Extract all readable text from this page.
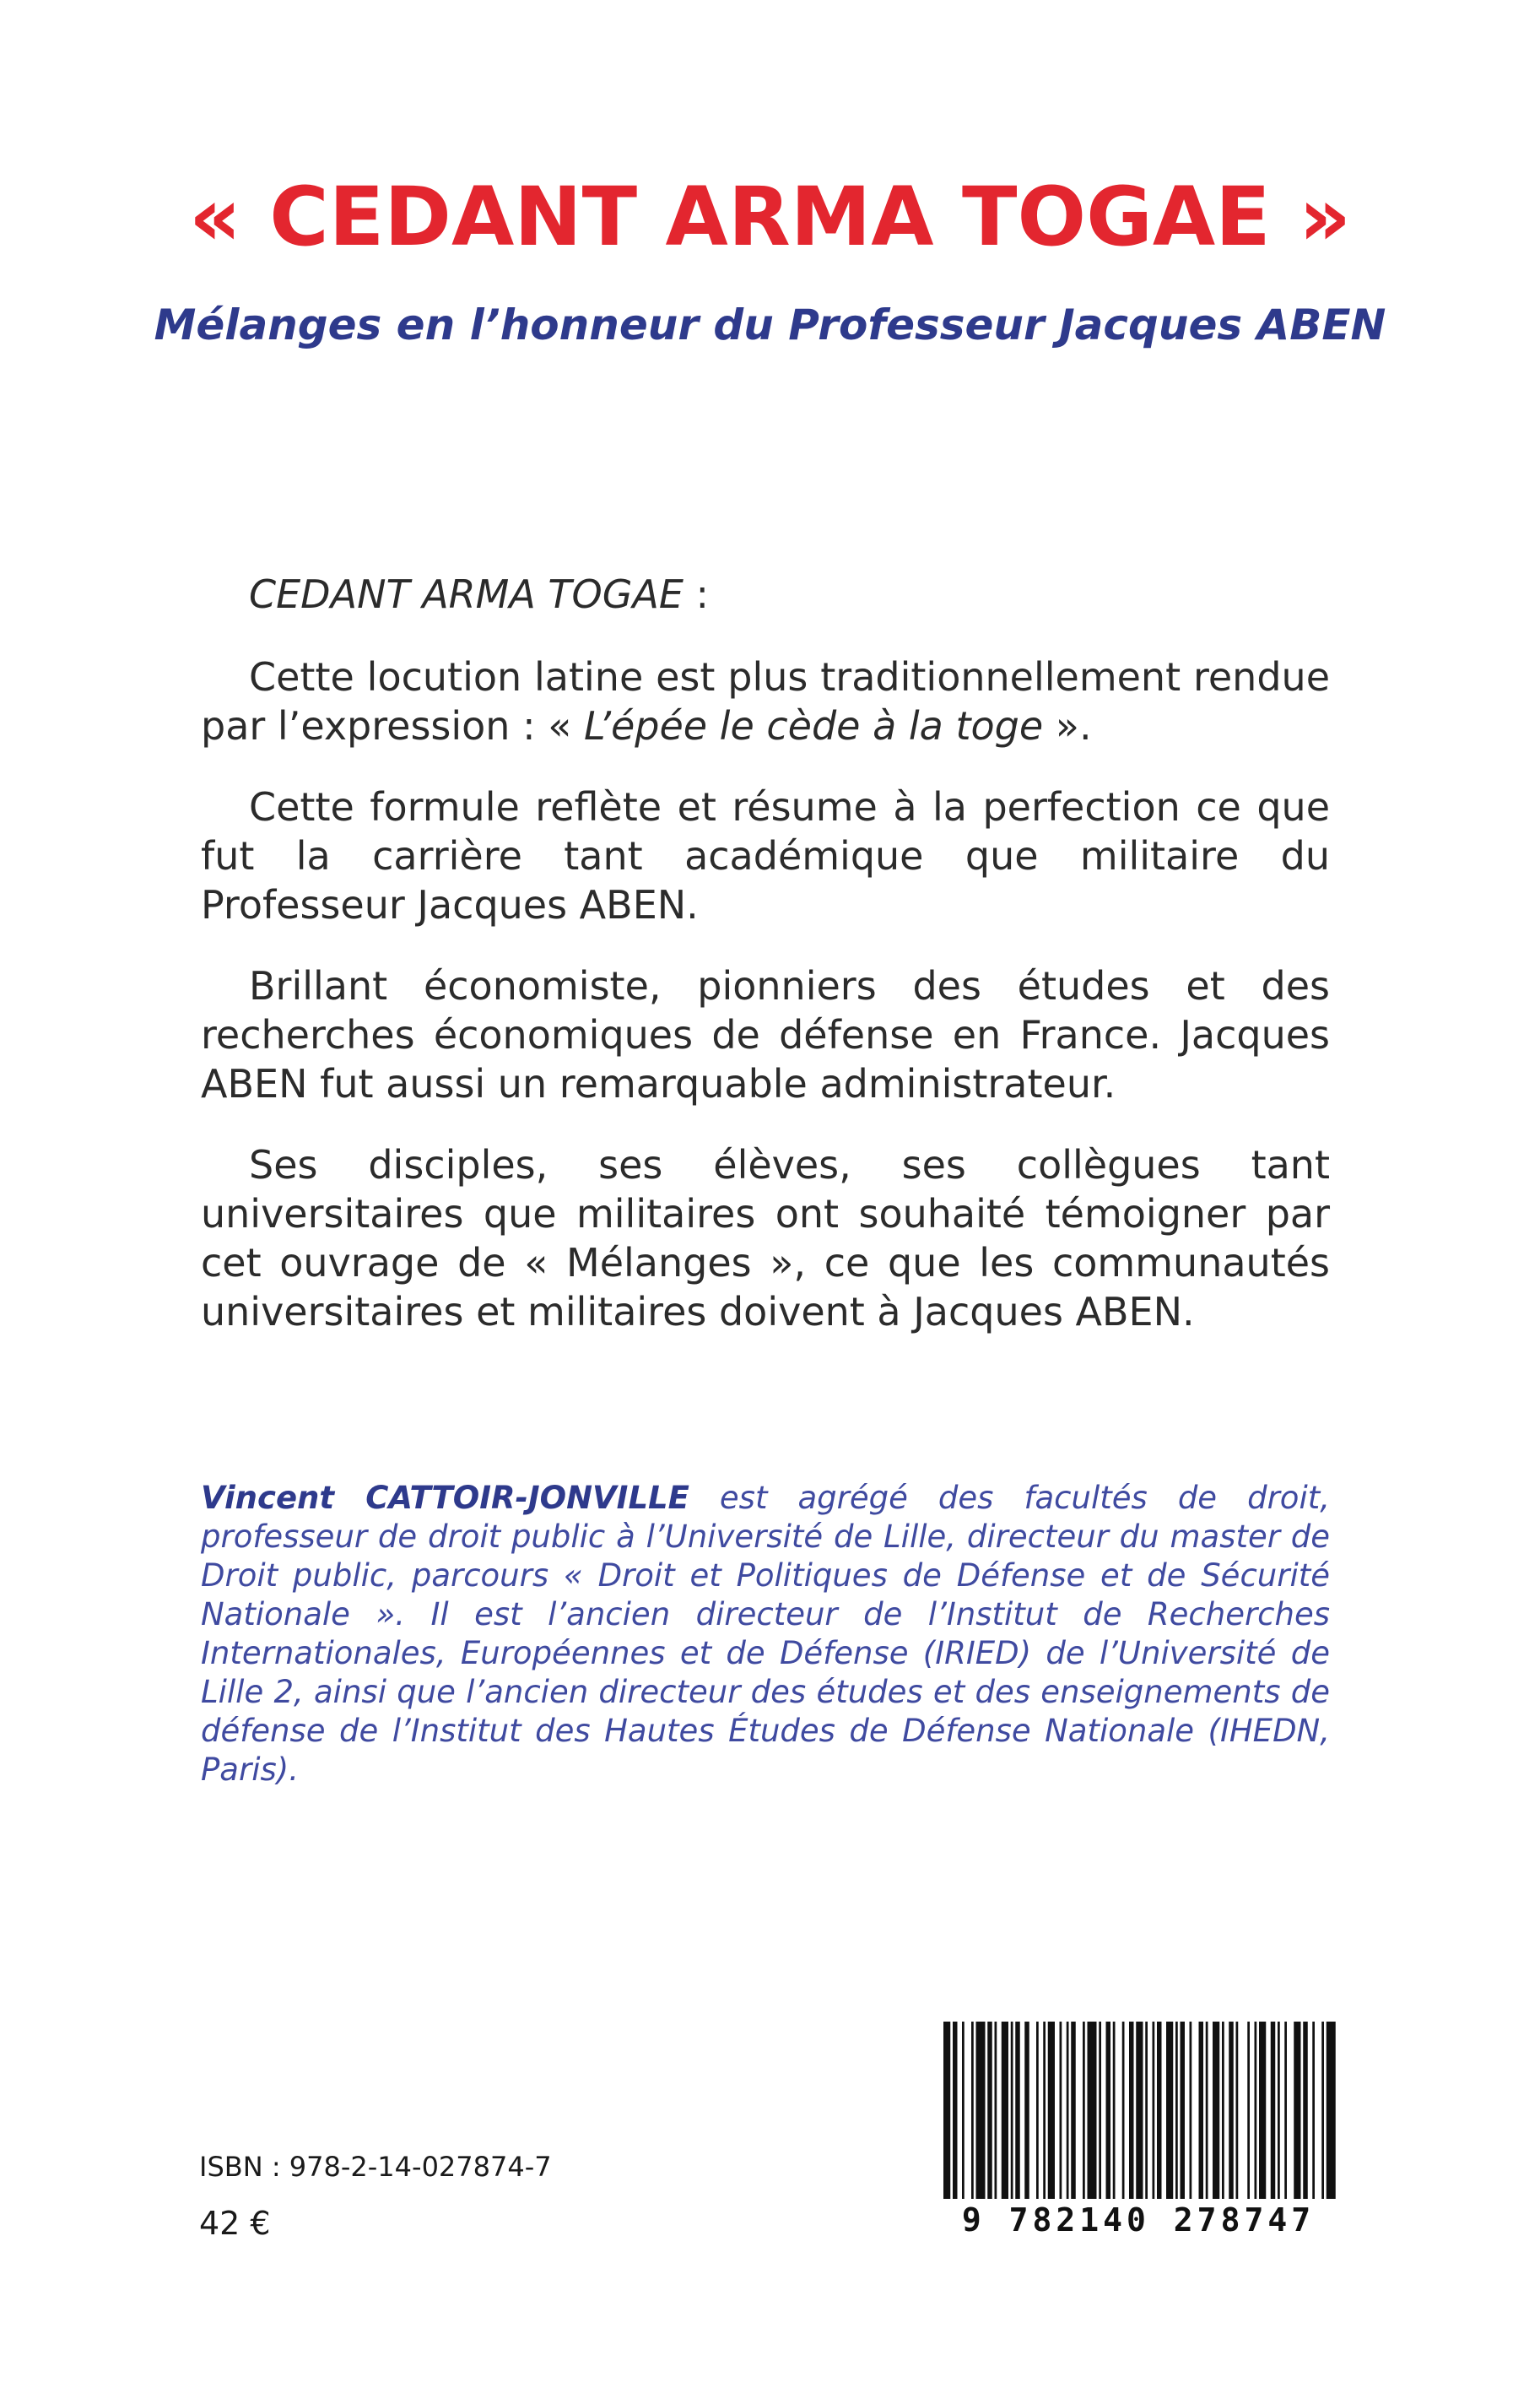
« CEDANT ARMA TOGAE »
Mélanges en l’honneur du Professeur Jacques ABEN

CEDANT ARMA TOGAE :

Cette locution latine est plus traditionnellement rendue par l’expression : « L’épée le cède à la toge ».

Cette formule reflète et résume à la perfection ce que fut la carrière tant académique que militaire du Professeur Jacques ABEN.

Brillant économiste, pionniers des études et des recherches économiques de défense en France. Jacques ABEN fut aussi un remarquable administrateur.

Ses disciples, ses élèves, ses collègues tant universitaires que militaires ont souhaité témoigner par cet ouvrage de « Mélanges », ce que les communautés universitaires et militaires doivent à Jacques ABEN.

Vincent CATTOIR-JONVILLE est agrégé des facultés de droit, professeur de droit public à l’Université de Lille, directeur du master de Droit public, parcours « Droit et Politiques de Défense et de Sécurité Nationale ». Il est l’ancien directeur de l’Institut de Recherches Internationales, Européennes et de Défense (IRIED) de l’Université de Lille 2, ainsi que l’ancien directeur des études et des enseignements de défense de l’Institut des Hautes Études de Défense Nationale (IHEDN, Paris).

ISBN : 978-2-14-027874-7
42 €	9 782140 278747
